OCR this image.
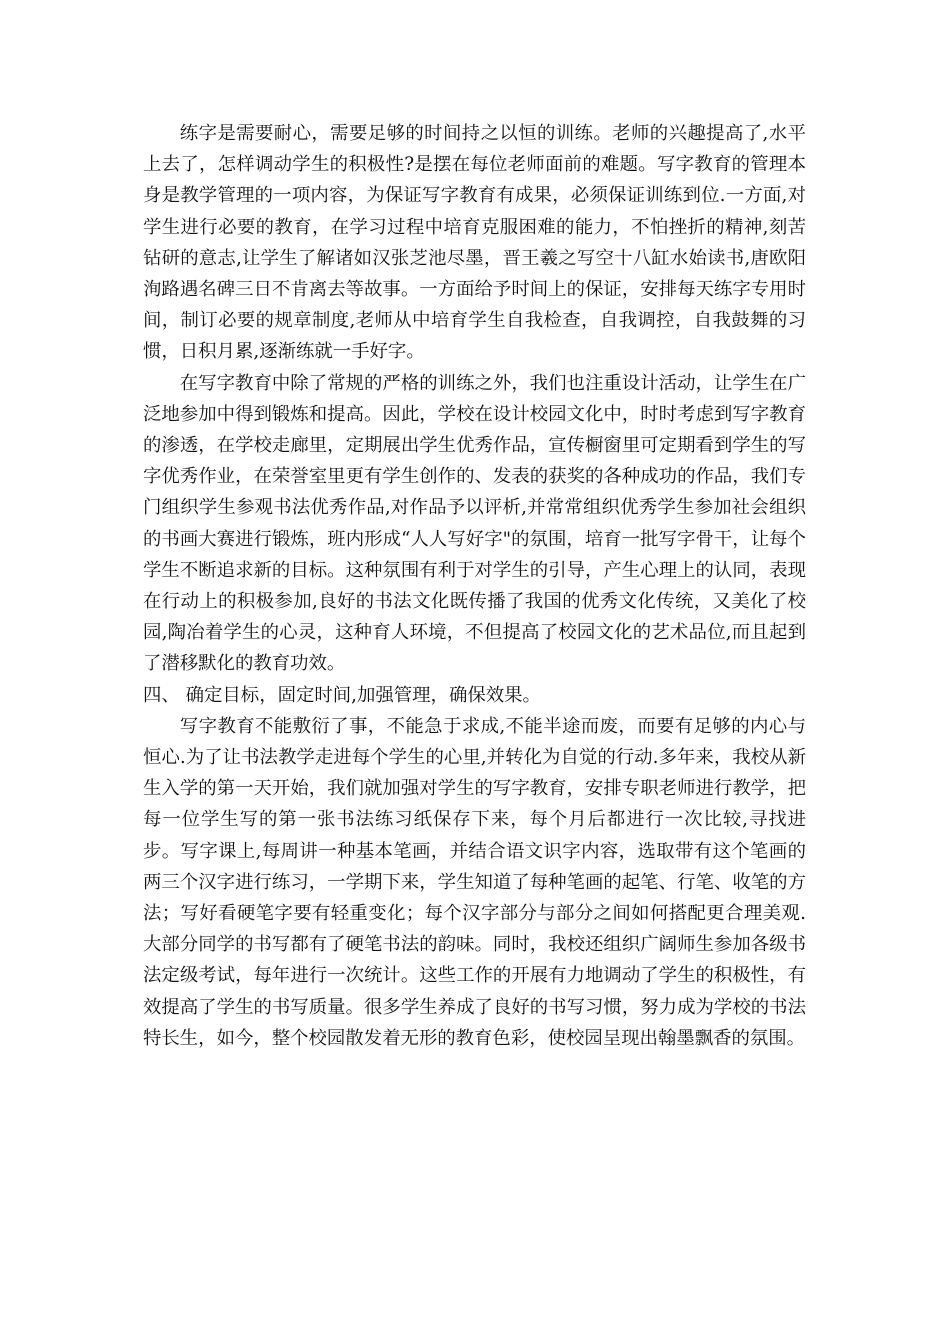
练字是需要耐心，需要足够的时间持之以恒的训练。老师的兴趣提高了,水平上去了，怎样调动学生的积极性?是摆在每位老师面前的难题。写字教育的管理本身是教学管理的一项内容，为保证写字教育有成果，必须保证训练到位.一方面,对学生进行必要的教育，在学习过程中培育克服困难的能力，不怕挫折的精神,刻苦钻研的意志,让学生了解诸如汉张芝池尽墨，晋王羲之写空十八缸水始读书,唐欧阳洵路遇名碑三日不肯离去等故事。一方面给予时间上的保证，安排每天练字专用时间，制订必要的规章制度,老师从中培育学生自我检查，自我调控，自我鼓舞的习惯，日积月累,逐渐练就一手好字。

在写字教育中除了常规的严格的训练之外，我们也注重设计活动，让学生在广泛地参加中得到锻炼和提高。因此，学校在设计校园文化中，时时考虑到写字教育的渗透，在学校走廊里，定期展出学生优秀作品，宣传橱窗里可定期看到学生的写字优秀作业，在荣誉室里更有学生创作的、发表的获奖的各种成功的作品，我们专门组织学生参观书法优秀作品,对作品予以评析,并常常组织优秀学生参加社会组织的书画大赛进行锻炼，班内形成“人人写好字"的氛围，培育一批写字骨干，让每个学生不断追求新的目标。这种氛围有利于对学生的引导，产生心理上的认同，表现在行动上的积极参加,良好的书法文化既传播了我国的优秀文化传统，又美化了校园,陶冶着学生的心灵，这种育人环境，不但提高了校园文化的艺术品位,而且起到了潜移默化的教育功效。

四、 确定目标，固定时间,加强管理，确保效果。

写字教育不能敷衍了事，不能急于求成,不能半途而废，而要有足够的内心与恒心.为了让书法教学走进每个学生的心里,并转化为自觉的行动.多年来，我校从新生入学的第一天开始，我们就加强对学生的写字教育，安排专职老师进行教学，把每一位学生写的第一张书法练习纸保存下来，每个月后都进行一次比较,寻找进步。写字课上,每周讲一种基本笔画，并结合语文识字内容，选取带有这个笔画的两三个汉字进行练习，一学期下来，学生知道了每种笔画的起笔、行笔、收笔的方法；写好看硬笔字要有轻重变化；每个汉字部分与部分之间如何搭配更合理美观.大部分同学的书写都有了硬笔书法的韵味。同时，我校还组织广阔师生参加各级书法定级考试，每年进行一次统计。这些工作的开展有力地调动了学生的积极性，有效提高了学生的书写质量。很多学生养成了良好的书写习惯，努力成为学校的书法特长生，如今，整个校园散发着无形的教育色彩，使校园呈现出翰墨飘香的氛围。
